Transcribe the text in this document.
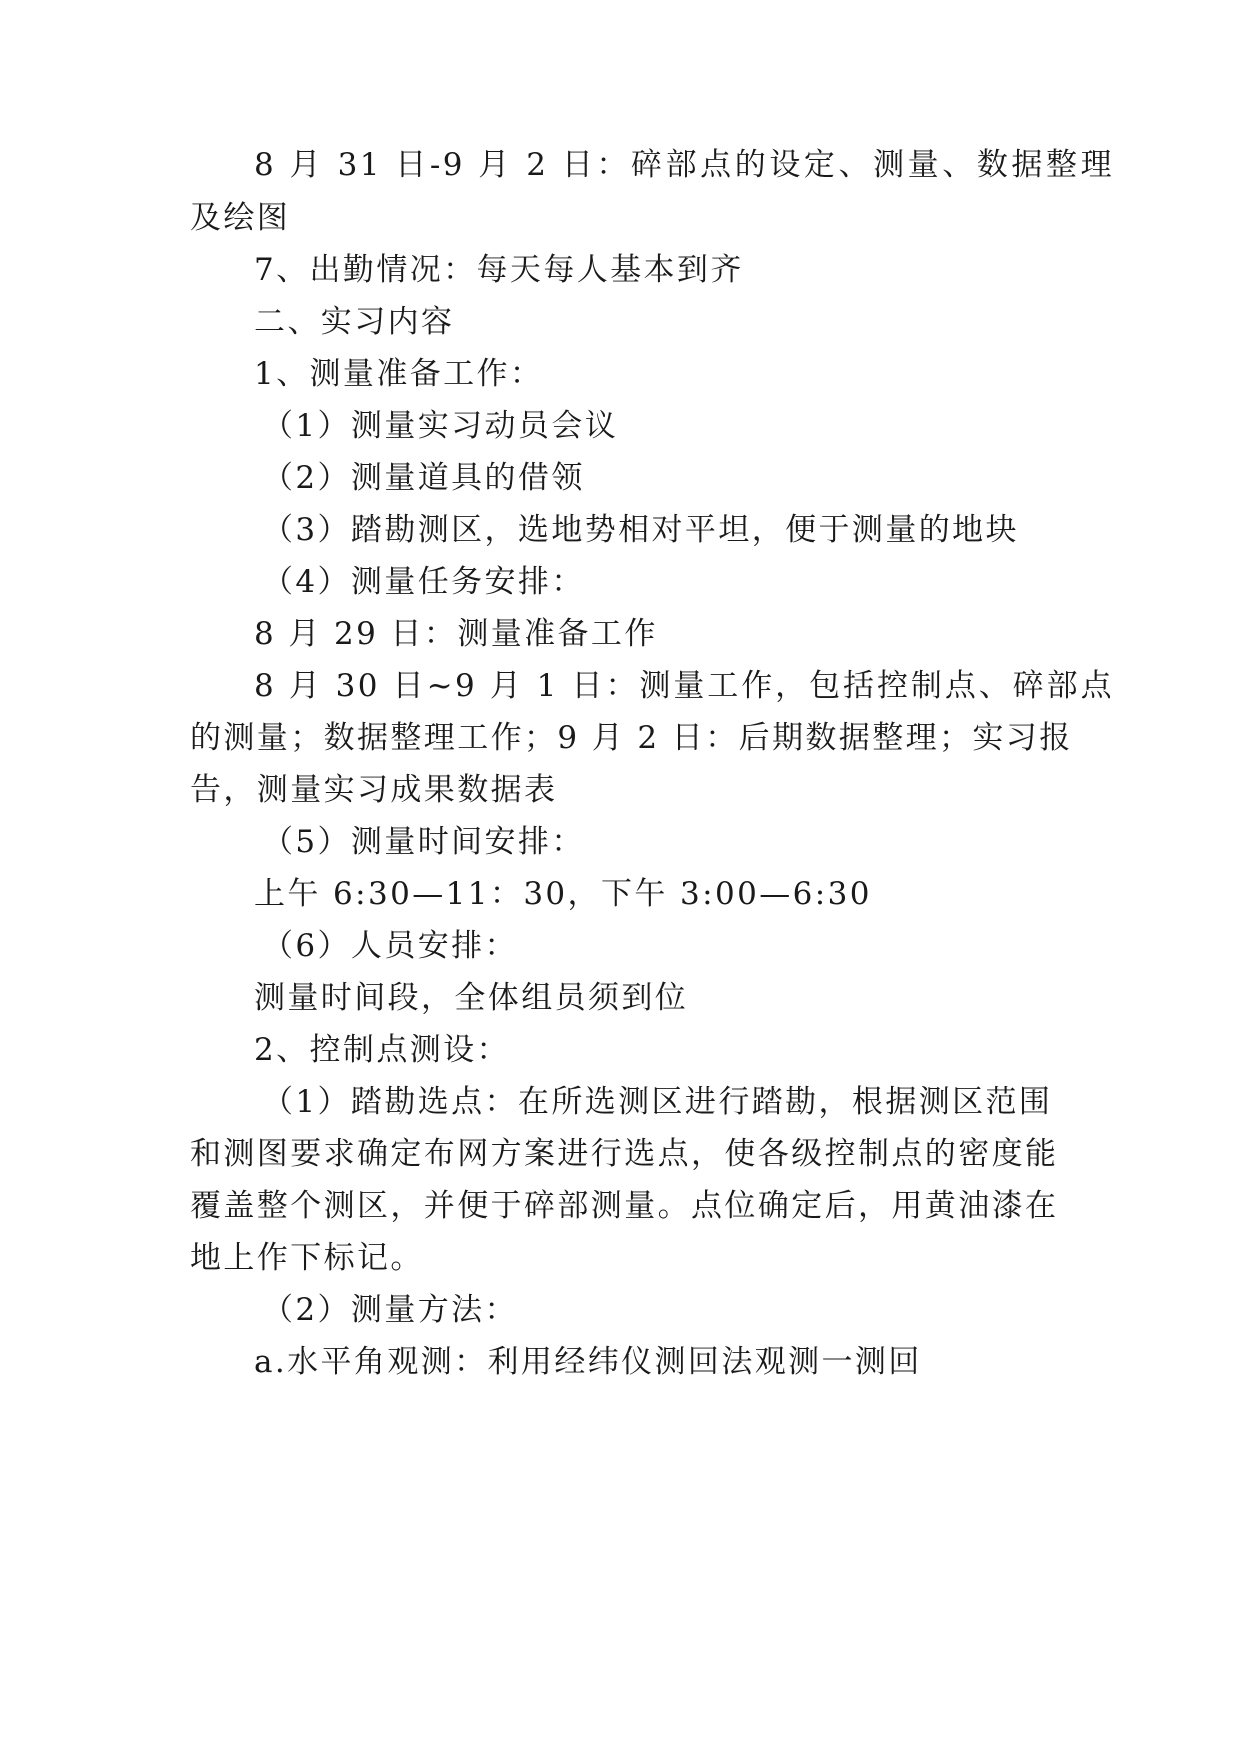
8 月 31 日-9 月 2 日：碎部点的设定、测量、数据整理
及绘图
7、出勤情况：每天每人基本到齐
二、实习内容
1、测量准备工作：
（1）测量实习动员会议
（2）测量道具的借领
（3）踏勘测区，选地势相对平坦，便于测量的地块
（4）测量任务安排：
8 月 29 日：测量准备工作
8 月 30 日~9 月 1 日：测量工作，包括控制点、碎部点
的测量；数据整理工作；9 月 2 日：后期数据整理；实习报
告，测量实习成果数据表
（5）测量时间安排：
上午 6:30—11：30，下午 3:00—6:30
（6）人员安排：
测量时间段，全体组员须到位
2、控制点测设：
（1）踏勘选点：在所选测区进行踏勘，根据测区范围
和测图要求确定布网方案进行选点，使各级控制点的密度能
覆盖整个测区，并便于碎部测量。点位确定后，用黄油漆在
地上作下标记。
（2）测量方法：
a.水平角观测：利用经纬仪测回法观测一测回
